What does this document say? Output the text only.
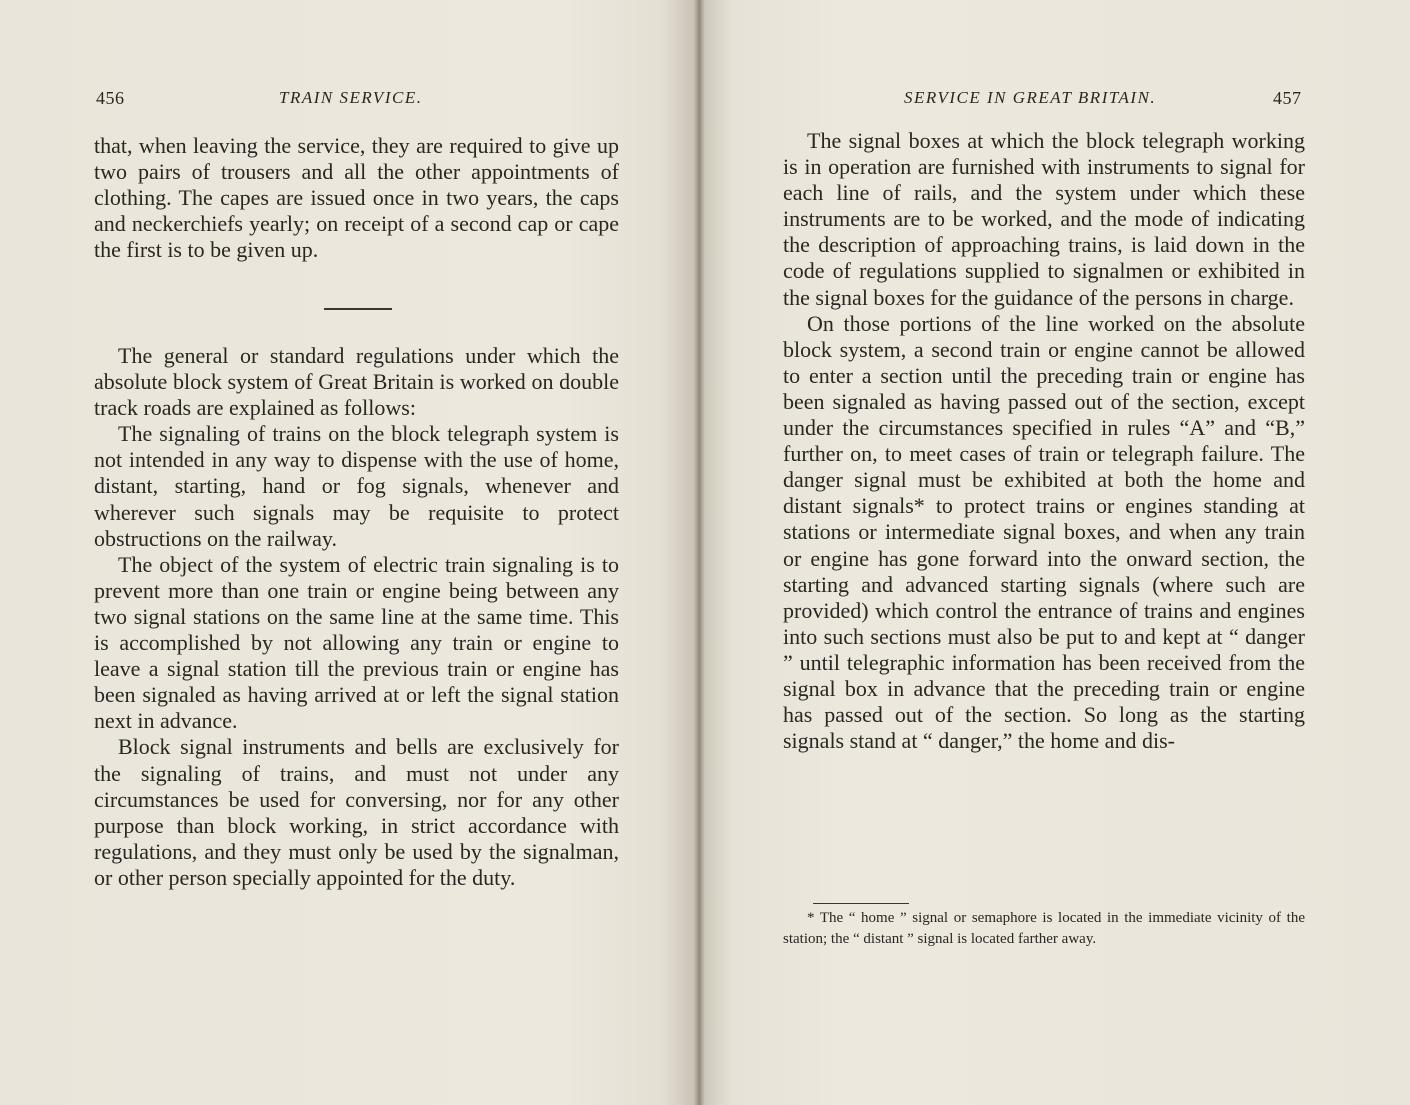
456	TRAIN SERVICE.

that, when leaving the service, they are required to give up two pairs of trousers and all the other appointments of clothing. The capes are issued once in two years, the caps and neckerchiefs yearly; on receipt of a second cap or cape the first is to be given up.

The general or standard regulations under which the absolute block system of Great Britain is worked on double track roads are explained as follows:

The signaling of trains on the block telegraph system is not intended in any way to dispense with the use of home, distant, starting, hand or fog signals, whenever and wherever such signals may be requisite to protect obstructions on the railway.

The object of the system of electric train signaling is to prevent more than one train or engine being between any two signal stations on the same line at the same time. This is accomplished by not allowing any train or engine to leave a signal station till the previous train or engine has been signaled as having arrived at or left the signal station next in advance.

Block signal instruments and bells are exclusively for the signaling of trains, and must not under any circumstances be used for conversing, nor for any other purpose than block working, in strict accordance with regulations, and they must only be used by the signalman, or other person specially appointed for the duty.

SERVICE IN GREAT BRITAIN.	457

The signal boxes at which the block telegraph working is in operation are furnished with instruments to signal for each line of rails, and the system under which these instruments are to be worked, and the mode of indicating the description of approaching trains, is laid down in the code of regulations supplied to signalmen or exhibited in the signal boxes for the guidance of the persons in charge.

On those portions of the line worked on the absolute block system, a second train or engine cannot be allowed to enter a section until the preceding train or engine has been signaled as having passed out of the section, except under the circumstances specified in rules “A” and “B,” further on, to meet cases of train or telegraph failure. The danger signal must be exhibited at both the home and distant signals* to protect trains or engines standing at stations or intermediate signal boxes, and when any train or engine has gone forward into the onward section, the starting and advanced starting signals (where such are provided) which control the entrance of trains and engines into such sections must also be put to and kept at “ danger ” until telegraphic information has been received from the signal box in advance that the preceding train or engine has passed out of the section. So long as the starting signals stand at “ danger,” the home and dis-

* The “ home ” signal or semaphore is located in the immediate vicinity of the station; the “ distant ” signal is located farther away.
